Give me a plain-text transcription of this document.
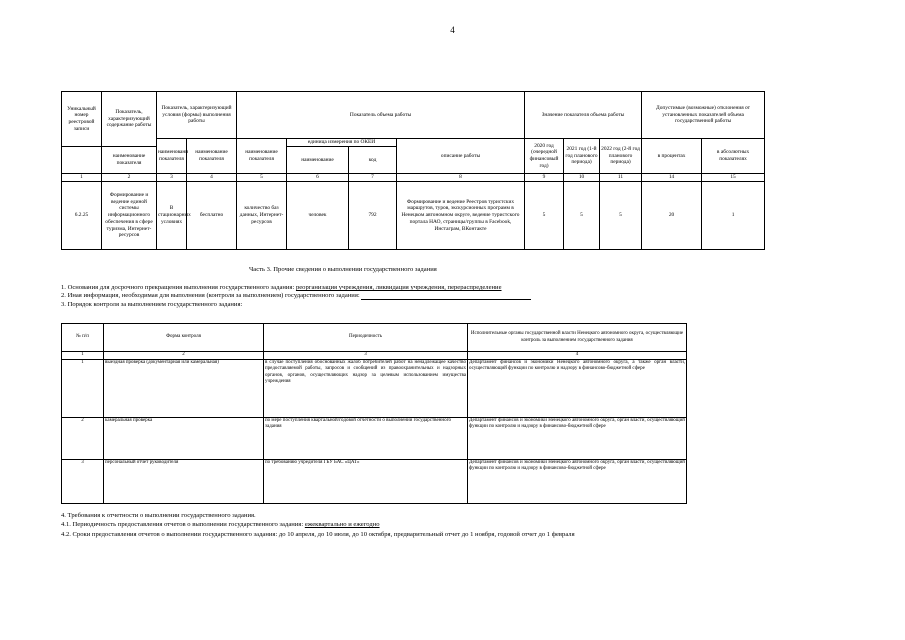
4
Уникальный номер реестровой записи	Показатель, характеризующий содержание работы	Показатель, характеризующий условия (формы) выполнения работы		Показатель объема работы				Значение показателя объема работы			Допустимые (возможные) отклонения от установленных показателей объема государственной работы	
		наименовани показателя	наименование показателя	наименование показателя	единица измерения по ОКЕИ		описание работы	2020 год (очередной финансовый год)	2021 год (1-й год планового периода)	2022 год (2-й год планового периода)	в процентах	в абсолютных показателях
	наименование показателя				наименование	код						
1	2	3	4	5	6	7	8	9	10	11	14	15
6.2.25	Формирование и ведение единой системы информационного обеспечения в сфере туризма, Интернет-ресурсов	В стационарных условиях	бесплатно	количество баз данных, Интернет-ресурсов	человек	792	Формирование и ведение Реестров туристских маршрутов, туров, экскурсионных программ в Ненецком автономном округе, ведение туристского портала НАО, страницы/группы в Facebook, Инстаграм, ВКонтакте	5	5	5	20	1
Часть 3. Прочие сведения о выполнении государственного задания
1. Основания для досрочного прекращения выполнения государственного задания: реорганизация учреждения, ликвидация учреждения, перераспределение
2. Иная информация, необходимая для выполнения (контроля за выполнением) государственного задания:
3. Порядок контроля за выполнением государственного задания:
№ п/п	Форма контроля	Периодичность	Исполнительные органы государственной власти Ненецкого автономного округа, осуществляющие контроль за выполнением государственного задания
1	2	3	4
1	выездная проверка (документарная или камеральная)	в случае поступления обоснованных жалоб потребителей работ на ненадлежащее качество предоставляемой работы, запросов и сообщений из правоохранительных и надзорных органов, органов, осуществляющих надзор за целевым использованием имущества учреждения	Департамент финансов и экономики Ненецкого автономного округа, а также орган власти, осуществляющий функции по контролю и надзору в финансово-бюджетной сфере
2	камеральная проверка	по мере поступления квартальной/годовой отчетности о выполнении государственного задания	Департамент финансов и экономики Ненецкого автономного округа, орган власти, осуществляющий функции по контролю и надзору в финансово-бюджетной сфере
3	персональный отчет руководителя	по требованию учредителя ГБУ БАС «ЦАТ»	Департамент финансов и экономики Ненецкого автономного округа, орган власти, осуществляющий функции по контролю и надзору в финансово-бюджетной сфере
4. Требования к отчетности о выполнении государственного задания.
4.1. Периодичность предоставления отчетов о выполнении государственного задания: ежеквартально и ежегодно
4.2. Сроки предоставления отчетов о выполнении государственного задания: до 10 апреля, до 10 июля, до 10 октября, предварительный отчет до 1 ноября, годовой отчет до 1 февраля
